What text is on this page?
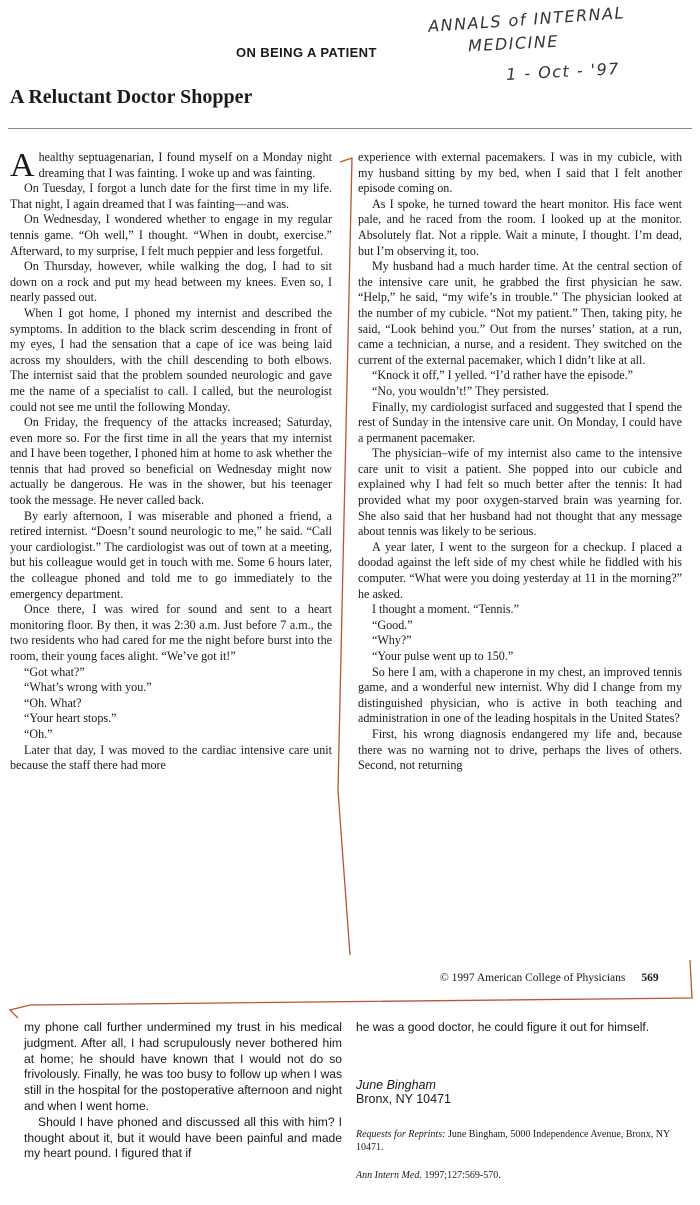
ANNALS of INTERNAL
MEDICINE
1 - Oct - '97
ON BEING A PATIENT
A Reluctant Doctor Shopper

Ahealthy septuagenarian, I found myself on a Monday night dreaming that I was fainting. I woke up and was fainting.

On Tuesday, I forgot a lunch date for the first time in my life. That night, I again dreamed that I was fainting—and was.

On Wednesday, I wondered whether to engage in my regular tennis game. “Oh well,” I thought. “When in doubt, exercise.” Afterward, to my surprise, I felt much peppier and less forgetful.

On Thursday, however, while walking the dog, I had to sit down on a rock and put my head between my knees. Even so, I nearly passed out.

When I got home, I phoned my internist and described the symptoms. In addition to the black scrim descending in front of my eyes, I had the sensation that a cape of ice was being laid across my shoulders, with the chill descending to both elbows. The internist said that the problem sounded neurologic and gave me the name of a specialist to call. I called, but the neurologist could not see me until the following Monday.

On Friday, the frequency of the attacks increased; Saturday, even more so. For the first time in all the years that my internist and I have been together, I phoned him at home to ask whether the tennis that had proved so beneficial on Wednesday might now actually be dangerous. He was in the shower, but his teenager took the message. He never called back.

By early afternoon, I was miserable and phoned a friend, a retired internist. “Doesn’t sound neurologic to me,” he said. “Call your cardiologist.” The cardiologist was out of town at a meeting, but his colleague would get in touch with me. Some 6 hours later, the colleague phoned and told me to go immediately to the emergency department.

Once there, I was wired for sound and sent to a heart monitoring floor. By then, it was 2:30 a.m. Just before 7 a.m., the two residents who had cared for me the night before burst into the room, their young faces alight. “We’ve got it!”

“Got what?”

“What’s wrong with you.”

“Oh. What?

“Your heart stops.”

“Oh.”

Later that day, I was moved to the cardiac intensive care unit because the staff there had more

experience with external pacemakers. I was in my cubicle, with my husband sitting by my bed, when I said that I felt another episode coming on.

As I spoke, he turned toward the heart monitor. His face went pale, and he raced from the room. I looked up at the monitor. Absolutely flat. Not a ripple. Wait a minute, I thought. I’m dead, but I’m observing it, too.

My husband had a much harder time. At the central section of the intensive care unit, he grabbed the first physician he saw. “Help,” he said, “my wife’s in trouble.” The physician looked at the number of my cubicle. “Not my patient.” Then, taking pity, he said, “Look behind you.” Out from the nurses’ station, at a run, came a technician, a nurse, and a resident. They switched on the current of the external pacemaker, which I didn’t like at all.

“Knock it off,” I yelled. “I’d rather have the episode.”

“No, you wouldn’t!” They persisted.

Finally, my cardiologist surfaced and suggested that I spend the rest of Sunday in the intensive care unit. On Monday, I could have a permanent pacemaker.

The physician–wife of my internist also came to the intensive care unit to visit a patient. She popped into our cubicle and explained why I had felt so much better after the tennis: It had provided what my poor oxygen-starved brain was yearning for. She also said that her husband had not thought that any message about tennis was likely to be serious.

A year later, I went to the surgeon for a checkup. I placed a doodad against the left side of my chest while he fiddled with his computer. “What were you doing yesterday at 11 in the morning?” he asked.

I thought a moment. “Tennis.”

“Good.”

“Why?”

“Your pulse went up to 150.”

So here I am, with a chaperone in my chest, an improved tennis game, and a wonderful new internist. Why did I change from my distinguished physician, who is active in both teaching and administration in one of the leading hospitals in the United States?

First, his wrong diagnosis endangered my life and, because there was no warning not to drive, perhaps the lives of others. Second, not returning

© 1997 American College of Physicians 569

my phone call further undermined my trust in his medical judgment. After all, I had scrupulously never bothered him at home; he should have known that I would not do so frivolously. Finally, he was too busy to follow up when I was still in the hospital for the postoperative afternoon and night and when I went home.

Should I have phoned and discussed all this with him? I thought about it, but it would have been painful and made my heart pound. I figured that if

he was a good doctor, he could figure it out for himself.

June Bingham
Bronx, NY 10471
Requests for Reprints: June Bingham, 5000 Independence Avenue, Bronx, NY 10471.
Ann Intern Med. 1997;127:569-570.
